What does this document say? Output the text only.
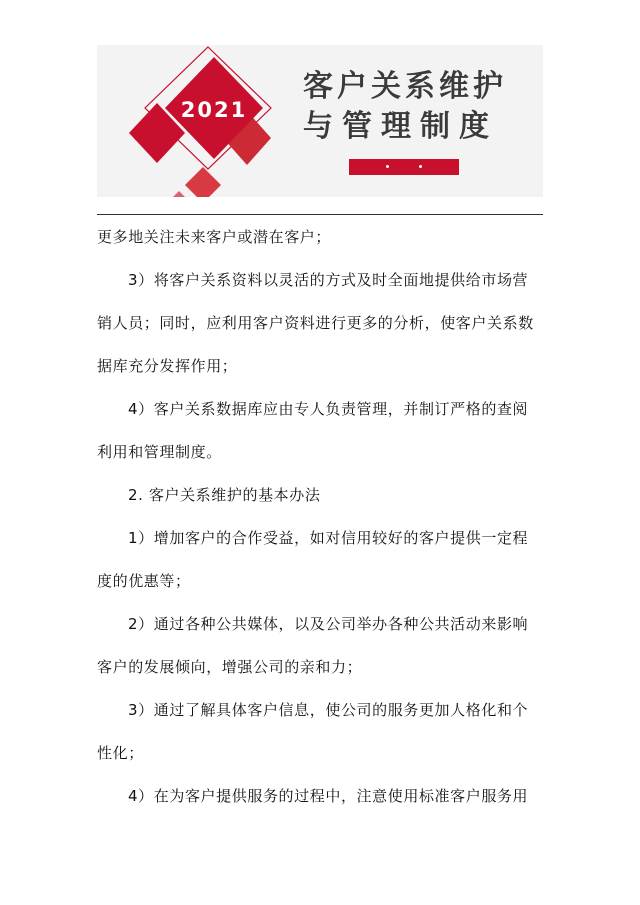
2021
客户关系维护
与管理制度

更多地关注未来客户或潜在客户；

3）将客户关系资料以灵活的方式及时全面地提供给市场营销人员；同时，应利用客户资料进行更多的分析，使客户关系数据库充分发挥作用；

4）客户关系数据库应由专人负责管理，并制订严格的查阅利用和管理制度。

2. 客户关系维护的基本办法

1）增加客户的合作受益，如对信用较好的客户提供一定程度的优惠等；

2）通过各种公共媒体，以及公司举办各种公共活动来影响客户的发展倾向，增强公司的亲和力；

3）通过了解具体客户信息，使公司的服务更加人格化和个性化；

4）在为客户提供服务的过程中，注意使用标准客户服务用
